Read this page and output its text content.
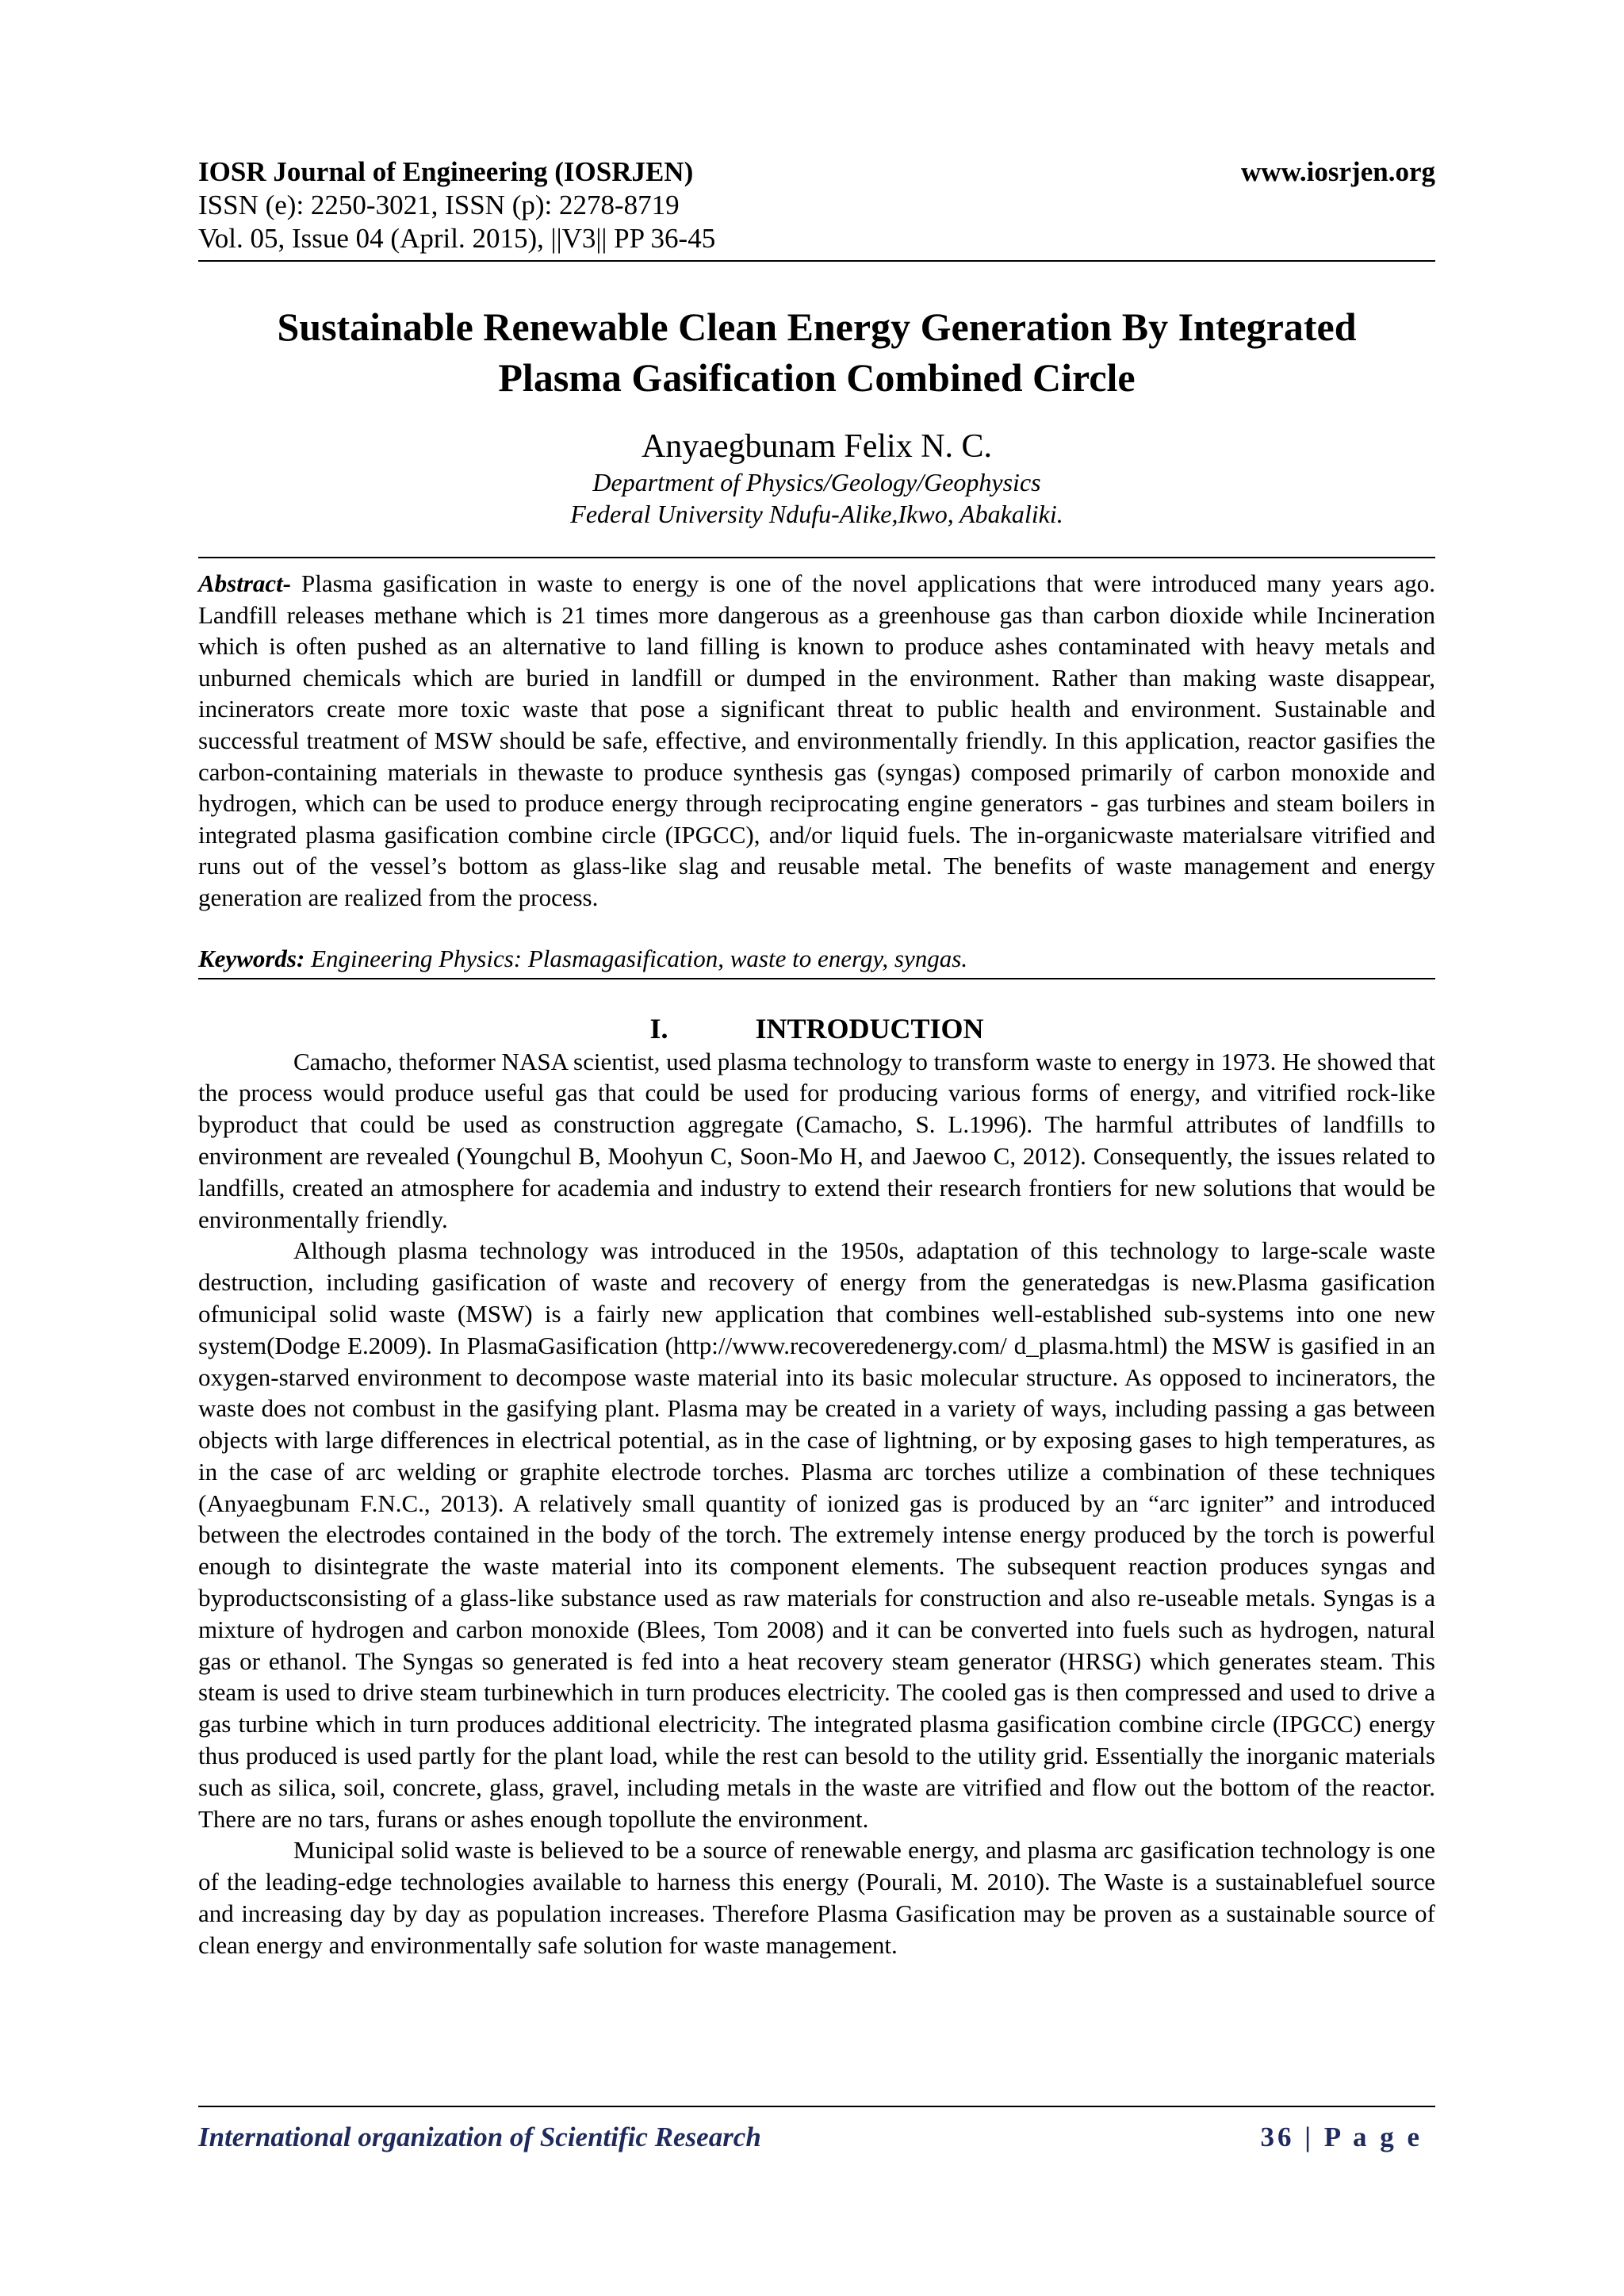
IOSR Journal of Engineering (IOSRJEN)	www.iosrjen.org
ISSN (e): 2250-3021, ISSN (p): 2278-8719
Vol. 05, Issue 04 (April. 2015), ||V3|| PP 36-45
Sustainable Renewable Clean Energy Generation By Integrated Plasma Gasification Combined Circle
Anyaegbunam Felix N. C.
Department of Physics/Geology/Geophysics
Federal University Ndufu-Alike,Ikwo, Abakaliki.
Abstract- Plasma gasification in waste to energy is one of the novel applications that were introduced many years ago. Landfill releases methane which is 21 times more dangerous as a greenhouse gas than carbon dioxide while Incineration which is often pushed as an alternative to land filling is known to produce ashes contaminated with heavy metals and unburned chemicals which are buried in landfill or dumped in the environment. Rather than making waste disappear, incinerators create more toxic waste that pose a significant threat to public health and environment. Sustainable and successful treatment of MSW should be safe, effective, and environmentally friendly. In this application, reactor gasifies the carbon-containing materials in thewaste to produce synthesis gas (syngas) composed primarily of carbon monoxide and hydrogen, which can be used to produce energy through reciprocating engine generators - gas turbines and steam boilers in integrated plasma gasification combine circle (IPGCC), and/or liquid fuels. The in-organicwaste materialsare vitrified and runs out of the vessel’s bottom as glass-like slag and reusable metal. The benefits of waste management and energy generation are realized from the process.
Keywords: Engineering Physics: Plasmagasification, waste to energy, syngas.
I.	INTRODUCTION

Camacho, theformer NASA scientist, used plasma technology to transform waste to energy in 1973. He showed that the process would produce useful gas that could be used for producing various forms of energy, and vitrified rock-like byproduct that could be used as construction aggregate (Camacho, S. L.1996). The harmful attributes of landfills to environment are revealed (Youngchul B, Moohyun C, Soon-Mo H, and Jaewoo C, 2012). Consequently, the issues related to landfills, created an atmosphere for academia and industry to extend their research frontiers for new solutions that would be environmentally friendly.

Although plasma technology was introduced in the 1950s, adaptation of this technology to large-scale waste destruction, including gasification of waste and recovery of energy from the generatedgas is new.Plasma gasification ofmunicipal solid waste (MSW) is a fairly new application that combines well-established sub-systems into one new system(Dodge E.2009). In PlasmaGasification (http://www.recoveredenergy.com/ d_plasma.html) the MSW is gasified in an oxygen-starved environment to decompose waste material into its basic molecular structure. As opposed to incinerators, the waste does not combust in the gasifying plant. Plasma may be created in a variety of ways, including passing a gas between objects with large differences in electrical potential, as in the case of lightning, or by exposing gases to high temperatures, as in the case of arc welding or graphite electrode torches. Plasma arc torches utilize a combination of these techniques (Anyaegbunam F.N.C., 2013). A relatively small quantity of ionized gas is produced by an “arc igniter” and introduced between the electrodes contained in the body of the torch. The extremely intense energy produced by the torch is powerful enough to disintegrate the waste material into its component elements. The subsequent reaction produces syngas and byproductsconsisting of a glass-like substance used as raw materials for construction and also re-useable metals. Syngas is a mixture of hydrogen and carbon monoxide (Blees, Tom 2008) and it can be converted into fuels such as hydrogen, natural gas or ethanol. The Syngas so generated is fed into a heat recovery steam generator (HRSG) which generates steam. This steam is used to drive steam turbinewhich in turn produces electricity. The cooled gas is then compressed and used to drive a gas turbine which in turn produces additional electricity. The integrated plasma gasification combine circle (IPGCC) energy thus produced is used partly for the plant load, while the rest can besold to the utility grid. Essentially the inorganic materials such as silica, soil, concrete, glass, gravel, including metals in the waste are vitrified and flow out the bottom of the reactor. There are no tars, furans or ashes enough topollute the environment.

Municipal solid waste is believed to be a source of renewable energy, and plasma arc gasification technology is one of the leading-edge technologies available to harness this energy (Pourali, M. 2010). The Waste is a sustainablefuel source and increasing day by day as population increases. Therefore Plasma Gasification may be proven as a sustainable source of clean energy and environmentally safe solution for waste management.

International organization of Scientific Research	36 | P a g e
